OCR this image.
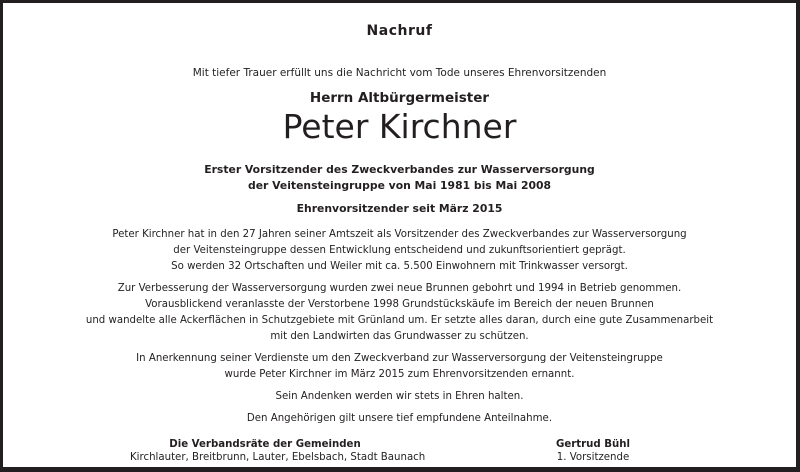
Nachruf
Mit tiefer Trauer erfüllt uns die Nachricht vom Tode unseres Ehrenvorsitzenden
Herrn Altbürgermeister
Peter Kirchner
Erster Vorsitzender des Zweckverbandes zur Wasserversorgung
der Veitensteingruppe von Mai 1981 bis Mai 2008
Ehrenvorsitzender seit März 2015
Peter Kirchner hat in den 27 Jahren seiner Amtszeit als Vorsitzender des Zweckverbandes zur Wasserversorgung
der Veitensteingruppe dessen Entwicklung entscheidend und zukunftsorientiert geprägt.
So werden 32 Ortschaften und Weiler mit ca. 5.500 Einwohnern mit Trinkwasser versorgt.
Zur Verbesserung der Wasserversorgung wurden zwei neue Brunnen gebohrt und 1994 in Betrieb genommen.
Vorausblickend veranlasste der Verstorbene 1998 Grundstückskäufe im Bereich der neuen Brunnen
und wandelte alle Ackerflächen in Schutzgebiete mit Grünland um. Er setzte alles daran, durch eine gute Zusammenarbeit
mit den Landwirten das Grundwasser zu schützen.
In Anerkennung seiner Verdienste um den Zweckverband zur Wasserversorgung der Veitensteingruppe
wurde Peter Kirchner im März 2015 zum Ehrenvorsitzenden ernannt.
Sein Andenken werden wir stets in Ehren halten.
Den Angehörigen gilt unsere tief empfundene Anteilnahme.
Die Verbandsräte der Gemeinden
Kirchlauter, Breitbrunn, Lauter, Ebelsbach, Stadt Baunach
Gertrud Bühl
1. Vorsitzende
